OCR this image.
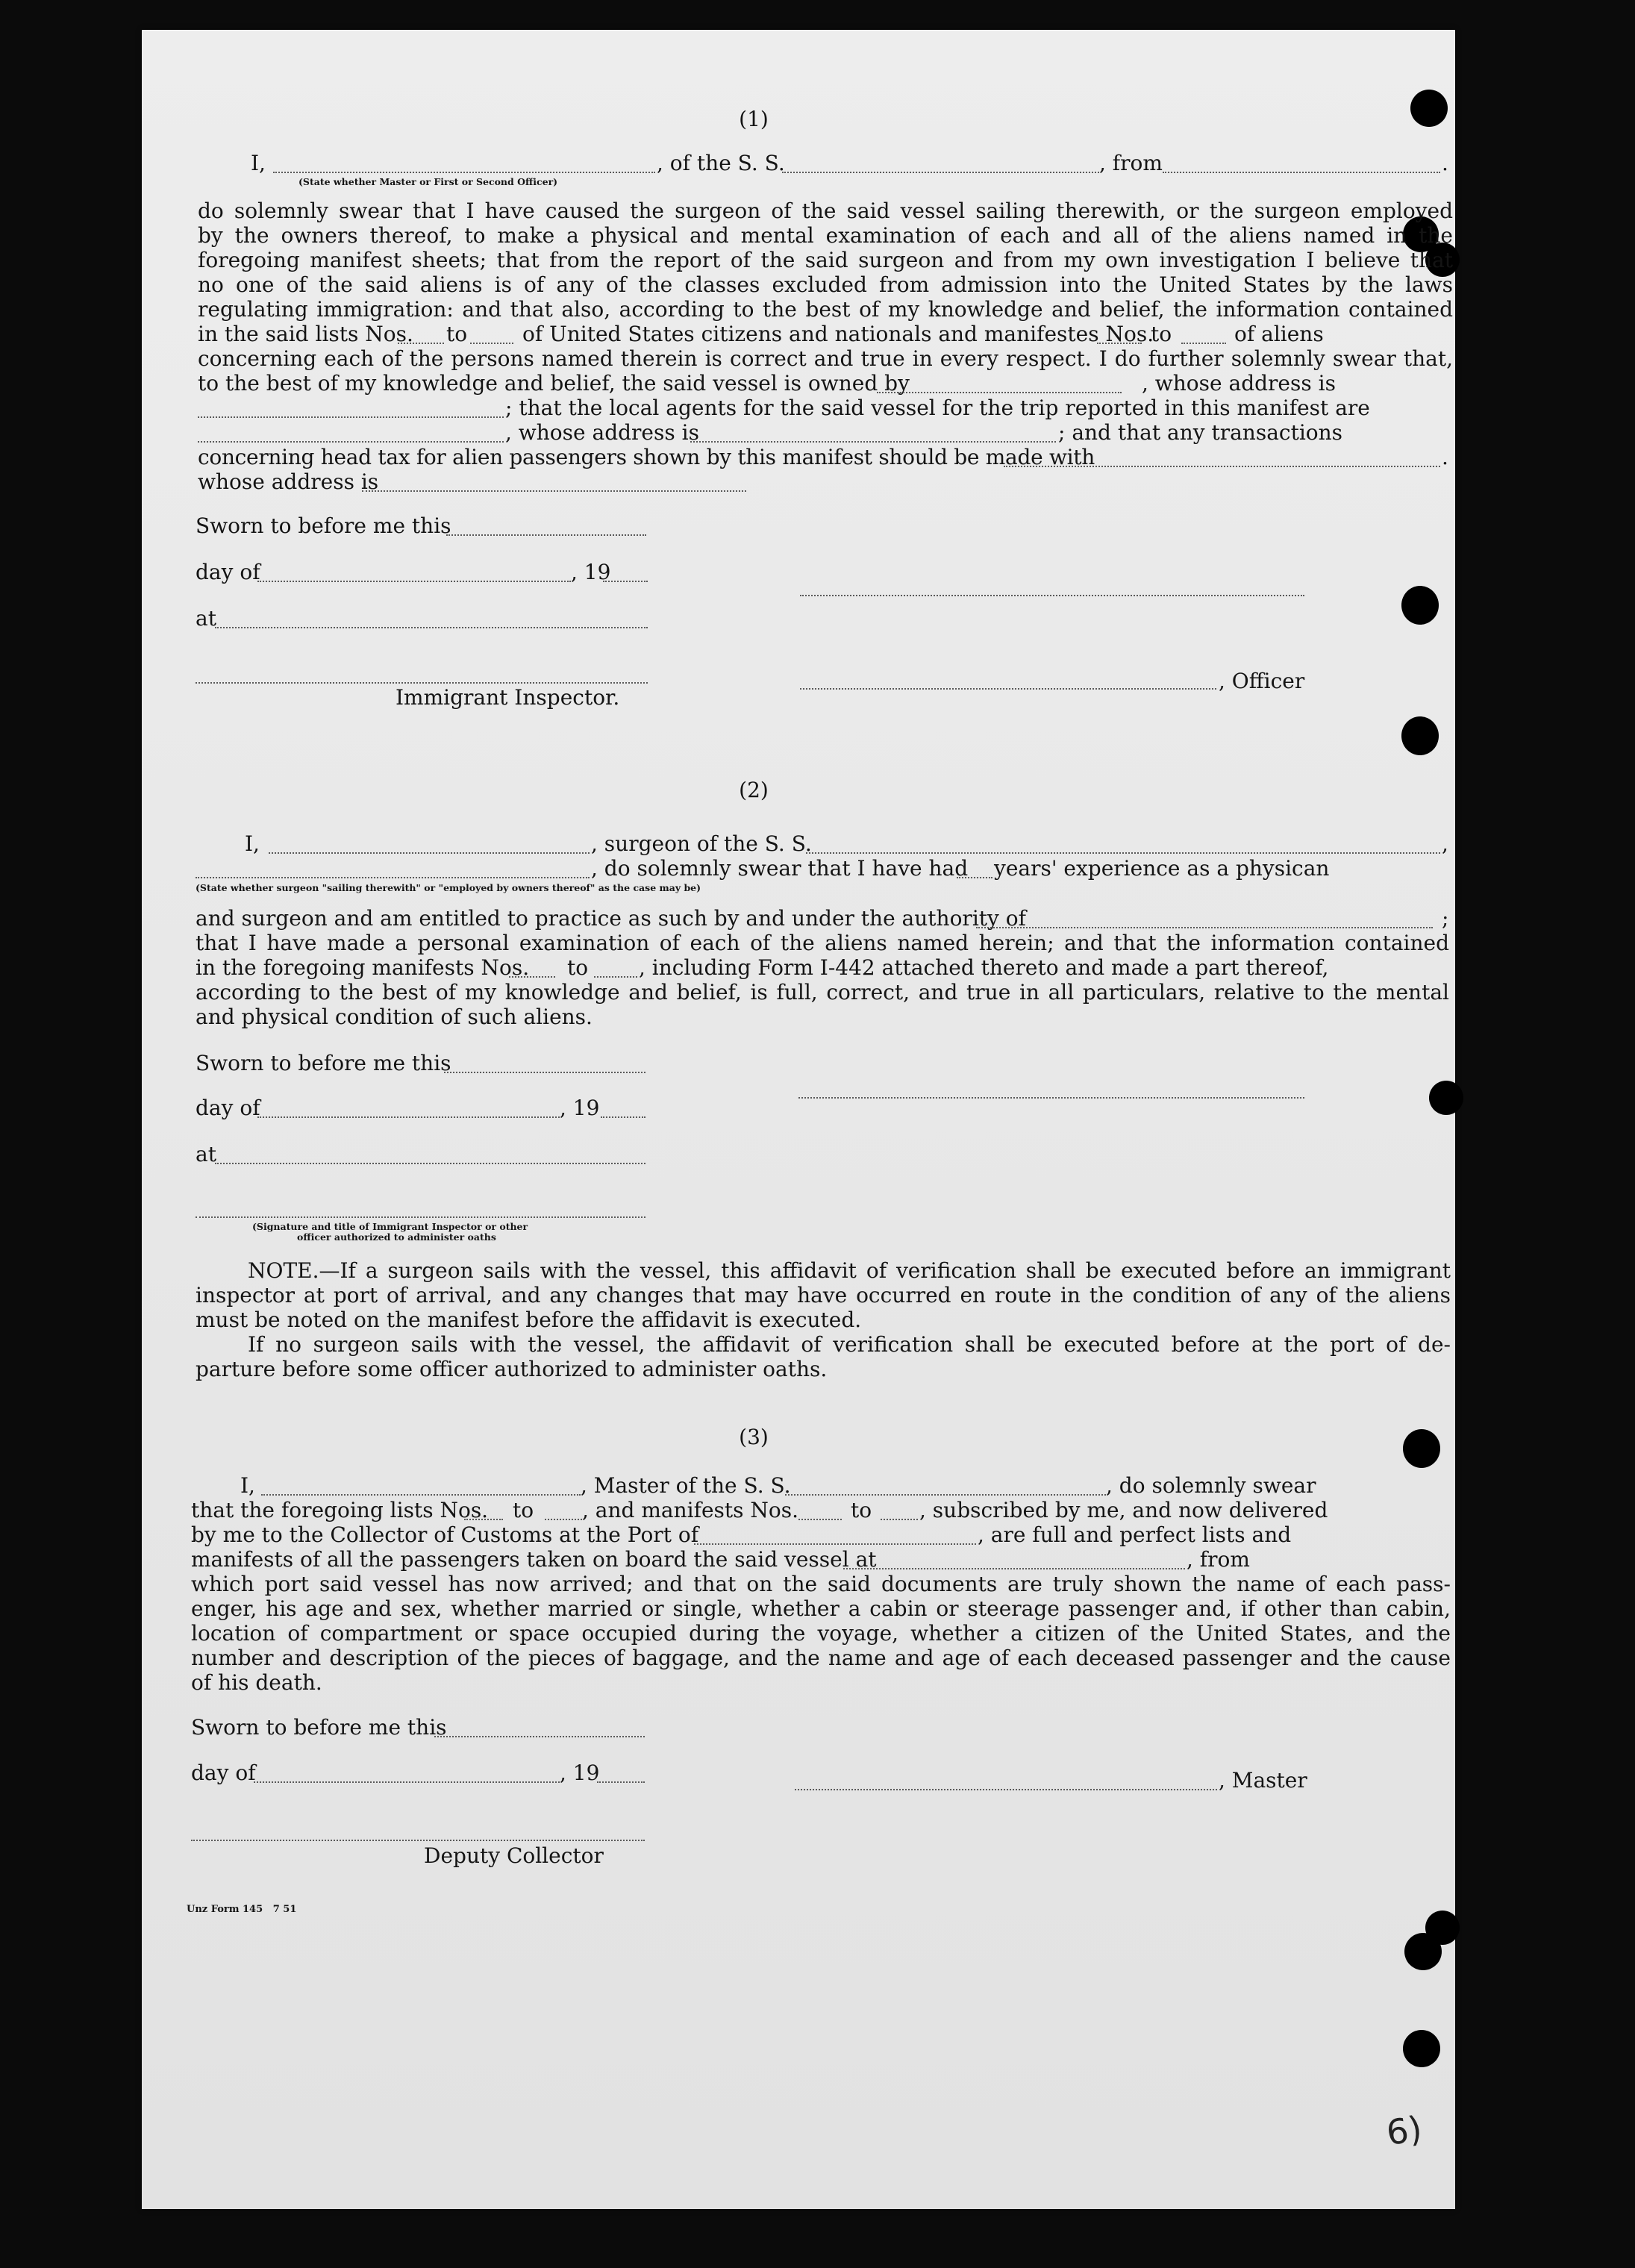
(1)
I,	, of the S. S.	, from	.
(State whether Master or First or Second Officer)
do solemnly swear that I have caused the surgeon of the said vessel sailing therewith, or the surgeon employed
by the owners thereof, to make a physical and mental examination of each and all of the aliens named in the
foregoing manifest sheets; that from the report of the said surgeon and from my own investigation I believe that
no one of the said aliens is of any of the classes excluded from admission into the United States by the laws
regulating immigration: and that also, according to the best of my knowledge and belief, the information contained
in the said lists Nos. to	of United States citizens and nationals and manifestes Nos.
to	of aliens
concerning each of the persons named therein is correct and true in every respect. I do further solemnly swear that,
to the best of my knowledge and belief, the said vessel is owned by	, whose address is
; that the local agents for the said vessel for the trip reported in this manifest are
, whose address is	; and that any transactions
concerning head tax for alien passengers shown by this manifest should be made with	.
whose address is
Sworn to before me this
day of	, 19
at
, Officer
Immigrant Inspector.
(2)
I,	, surgeon of the S. S.	,
, do solemnly swear that I have had years' experience as a physican
(State whether surgeon "sailing therewith" or "employed by owners thereof" as the case may be)
and surgeon and am entitled to practice as such by and under the authority of	;
that I have made a personal examination of each of the aliens named herein; and that the information contained
in the foregoing manifests Nos. to , including Form I-442 attached thereto and made a part thereof,
according to the best of my knowledge and belief, is full, correct, and true in all particulars, relative to the mental
and physical condition of such aliens.
Sworn to before me this
day of	, 19
at
(Signature and title of Immigrant Inspector or other
officer authorized to administer oaths
NOTE.—If a surgeon sails with the vessel, this affidavit of verification shall be executed before an immigrant
inspector at port of arrival, and any changes that may have occurred en route in the condition of any of the aliens
must be noted on the manifest before the affidavit is executed.
If no surgeon sails with the vessel, the affidavit of verification shall be executed before at the port of de-
parture before some officer authorized to administer oaths.
(3)
I,	, Master of the S. S.	, do solemnly swear
that the foregoing lists Nos. to , and manifests Nos. to , subscribed by me, and now delivered
by me to the Collector of Customs at the Port of	, are full and perfect lists and
manifests of all the passengers taken on board the said vessel at	, from
which port said vessel has now arrived; and that on the said documents are truly shown the name of each pass-
enger, his age and sex, whether married or single, whether a cabin or steerage passenger and, if other than cabin,
location of compartment or space occupied during the voyage, whether a citizen of the United States, and the
number and description of the pieces of baggage, and the name and age of each deceased passenger and the cause
of his death.
Sworn to before me this
day of	, 19	, Master
Deputy Collector
Unz Form 145   7 51
6)
